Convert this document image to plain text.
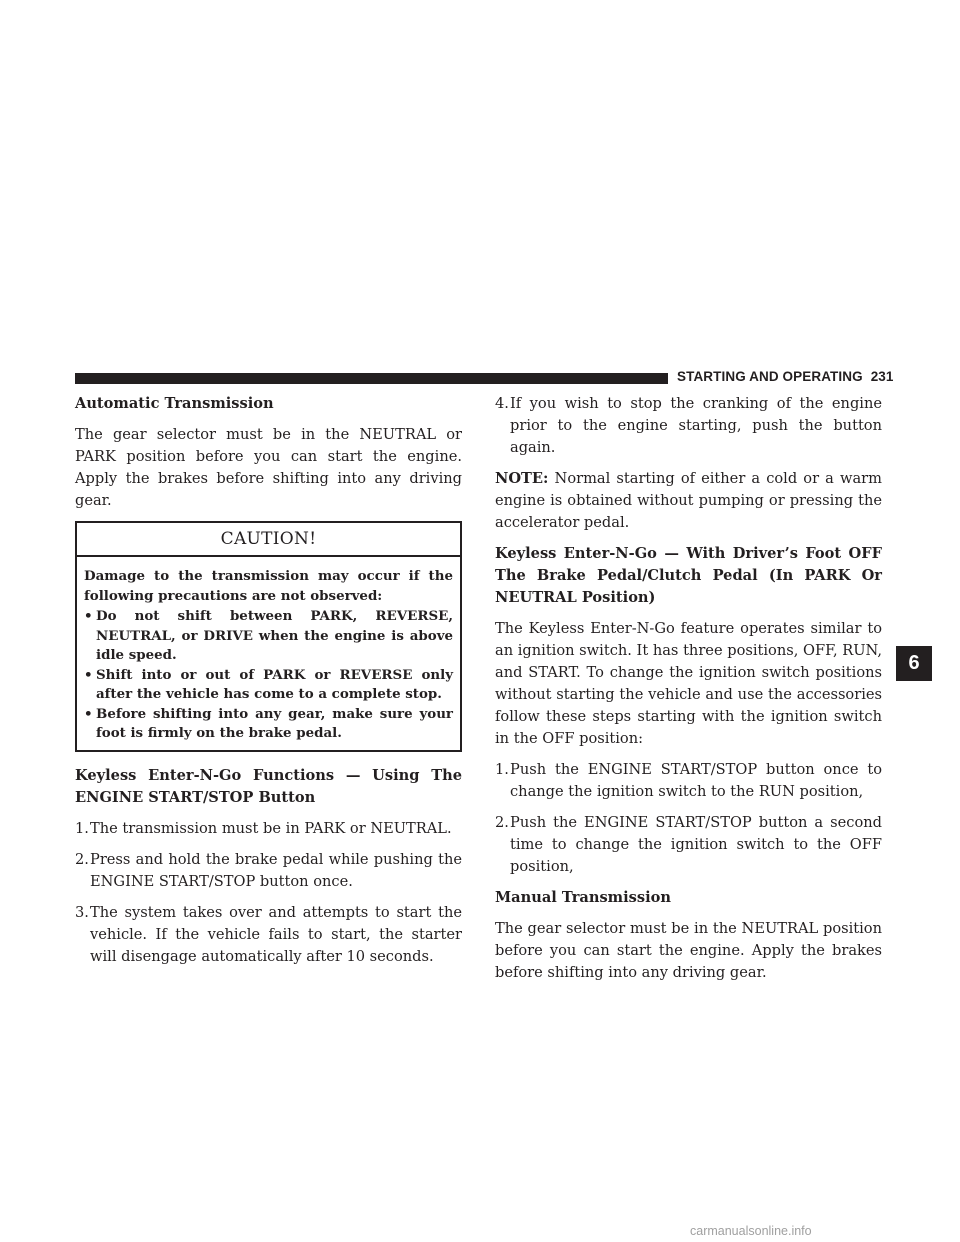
STARTING AND OPERATING 231
Automatic Transmission
The gear selector must be in the NEUTRAL or PARK position before you can start the engine. Apply the brakes before shifting into any driving gear.
CAUTION!
Damage to the transmission may occur if the following precautions are not observed:
• Do not shift between PARK, REVERSE, NEUTRAL, or DRIVE when the engine is above idle speed.
• Shift into or out of PARK or REVERSE only after the vehicle has come to a complete stop.
• Before shifting into any gear, make sure your foot is firmly on the brake pedal.
Keyless Enter-N-Go Functions — Using The ENGINE START/STOP Button
1. The transmission must be in PARK or NEUTRAL.
2. Press and hold the brake pedal while pushing the ENGINE START/STOP button once.
3. The system takes over and attempts to start the vehicle. If the vehicle fails to start, the starter will disengage automatically after 10 seconds.
4. If you wish to stop the cranking of the engine prior to the engine starting, push the button again.
NOTE: Normal starting of either a cold or a warm engine is obtained without pumping or pressing the accelerator pedal.
Keyless Enter-N-Go — With Driver’s Foot OFF The Brake Pedal/Clutch Pedal (In PARK Or NEUTRAL Position)
The Keyless Enter-N-Go feature operates similar to an ignition switch. It has three positions, OFF, RUN, and START. To change the ignition switch positions without starting the vehicle and use the accessories follow these steps starting with the ignition switch in the OFF position:
1. Push the ENGINE START/STOP button once to change the ignition switch to the RUN position,
2. Push the ENGINE START/STOP button a second time to change the ignition switch to the OFF position,
Manual Transmission
The gear selector must be in the NEUTRAL position before you can start the engine. Apply the brakes before shifting into any driving gear.
6
carmanualsonline.info
